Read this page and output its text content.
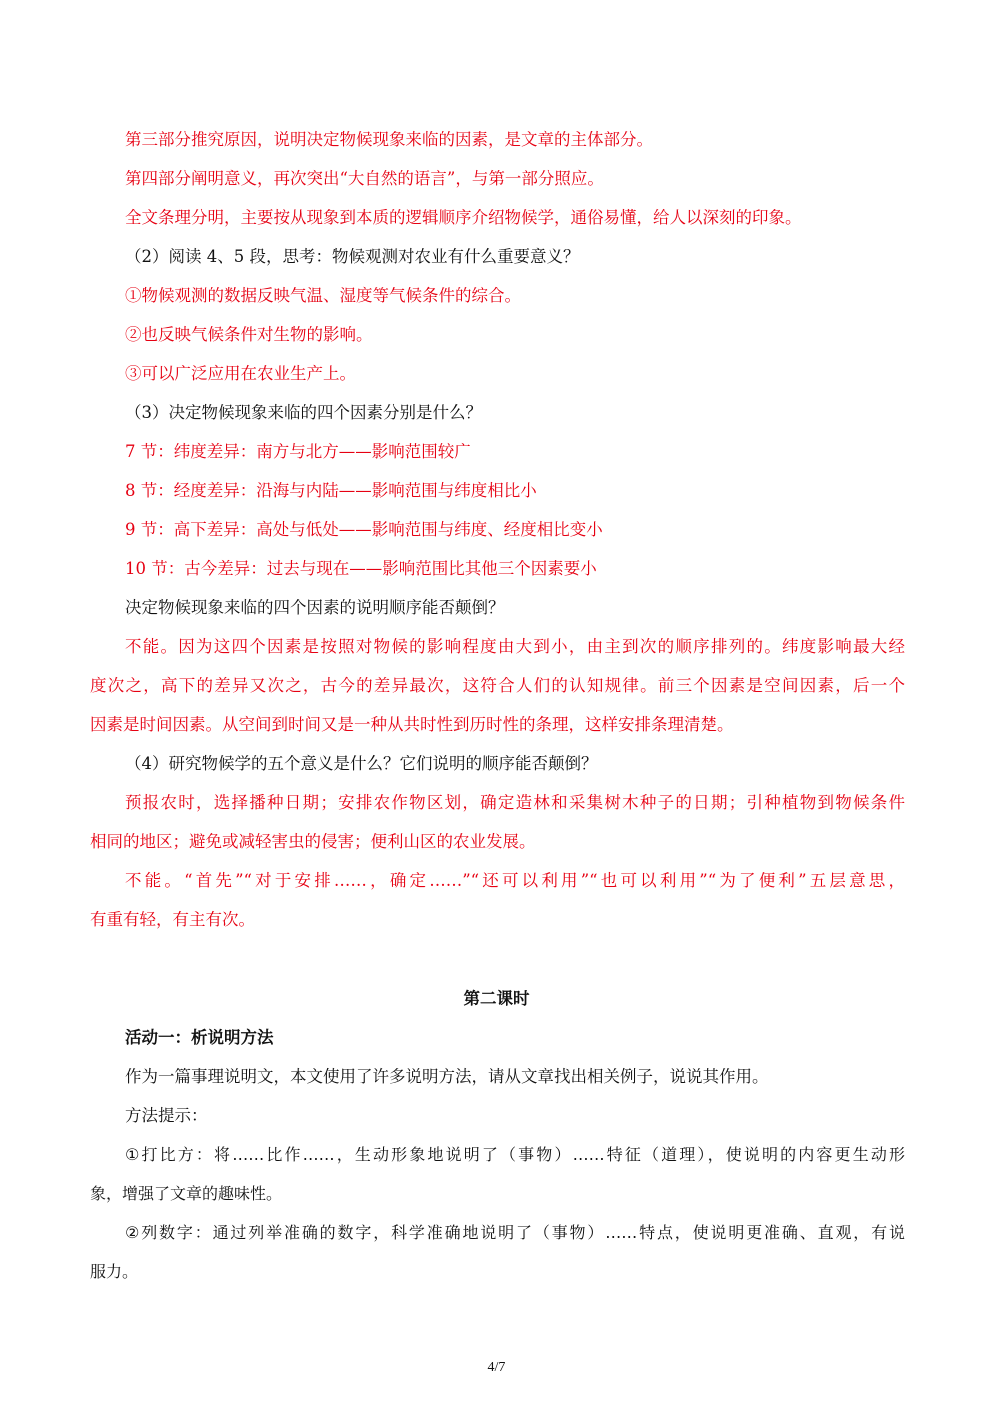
第三部分推究原因，说明决定物候现象来临的因素，是文章的主体部分。
第四部分阐明意义，再次突出“大自然的语言”，与第一部分照应。
全文条理分明，主要按从现象到本质的逻辑顺序介绍物候学，通俗易懂，给人以深刻的印象。
（2）阅读 4、5 段，思考：物候观测对农业有什么重要意义？
①物候观测的数据反映气温、湿度等气候条件的综合。
②也反映气候条件对生物的影响。
③可以广泛应用在农业生产上。
（3）决定物候现象来临的四个因素分别是什么？
7 节：纬度差异：南方与北方——影响范围较广
8 节：经度差异：沿海与内陆——影响范围与纬度相比小
9 节：高下差异：高处与低处——影响范围与纬度、经度相比变小
10 节：古今差异：过去与现在——影响范围比其他三个因素要小
决定物候现象来临的四个因素的说明顺序能否颠倒？
不能。因为这四个因素是按照对物候的影响程度由大到小，由主到次的顺序排列的。纬度影响最大经
度次之，高下的差异又次之，古今的差异最次，这符合人们的认知规律。前三个因素是空间因素，后一个
因素是时间因素。从空间到时间又是一种从共时性到历时性的条理，这样安排条理清楚。
（4）研究物候学的五个意义是什么？它们说明的顺序能否颠倒？
预报农时，选择播种日期；安排农作物区划，确定造林和采集树木种子的日期；引种植物到物候条件
相同的地区；避免或减轻害虫的侵害；便利山区的农业发展。
不能。“首先”“对于安排……，确定……”“还可以利用”“也可以利用”“为了便利”五层意思，
有重有轻，有主有次。
第二课时
活动一：析说明方法
作为一篇事理说明文，本文使用了许多说明方法，请从文章找出相关例子，说说其作用。
方法提示：
①打比方：将……比作……，生动形象地说明了（事物）……特征（道理），使说明的内容更生动形
象，增强了文章的趣味性。
②列数字：通过列举准确的数字，科学准确地说明了（事物）……特点，使说明更准确、直观，有说
服力。
4/7
